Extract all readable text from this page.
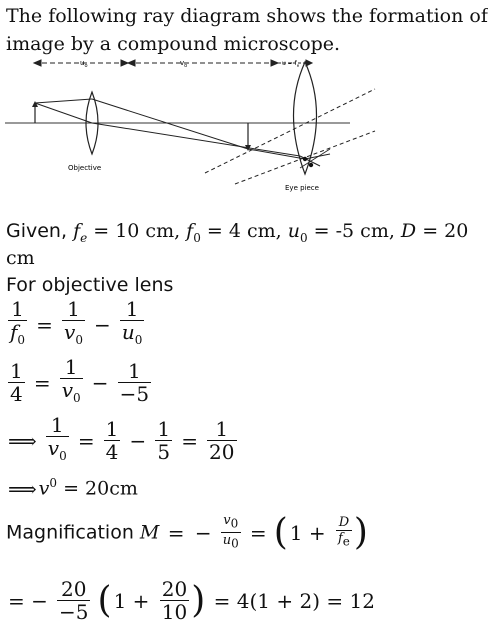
The following ray diagram shows the formation of
image by a compound microscope.
$u_o$	$v_o$	$u = f_e$
Objective
Eye piece
Given, $f_e = 10$ cm, $f_0 = 4$ cm, $u_0 = -5$ cm, D = 20
cm
For objective lens
$\frac{1}{f_0} = \frac{1}{v_0} - \frac{1}{u_0}$
$\frac{1}{4} = \frac{1}{v_0} - \frac{1}{-5}$
⟹ $\frac{1}{v_0} = \frac{1}{4} - \frac{1}{5} = \frac{1}{20}$
⟹ $v^0 = 20cm$
Magnification M = − $\frac{v_0}{u_0}$ = ( $1 + \frac{D}{f_e}$ )
= − $\frac{20}{-5}$ ( $1 + \frac{20}{10}$ ) = 4(1 + 2) = 12
